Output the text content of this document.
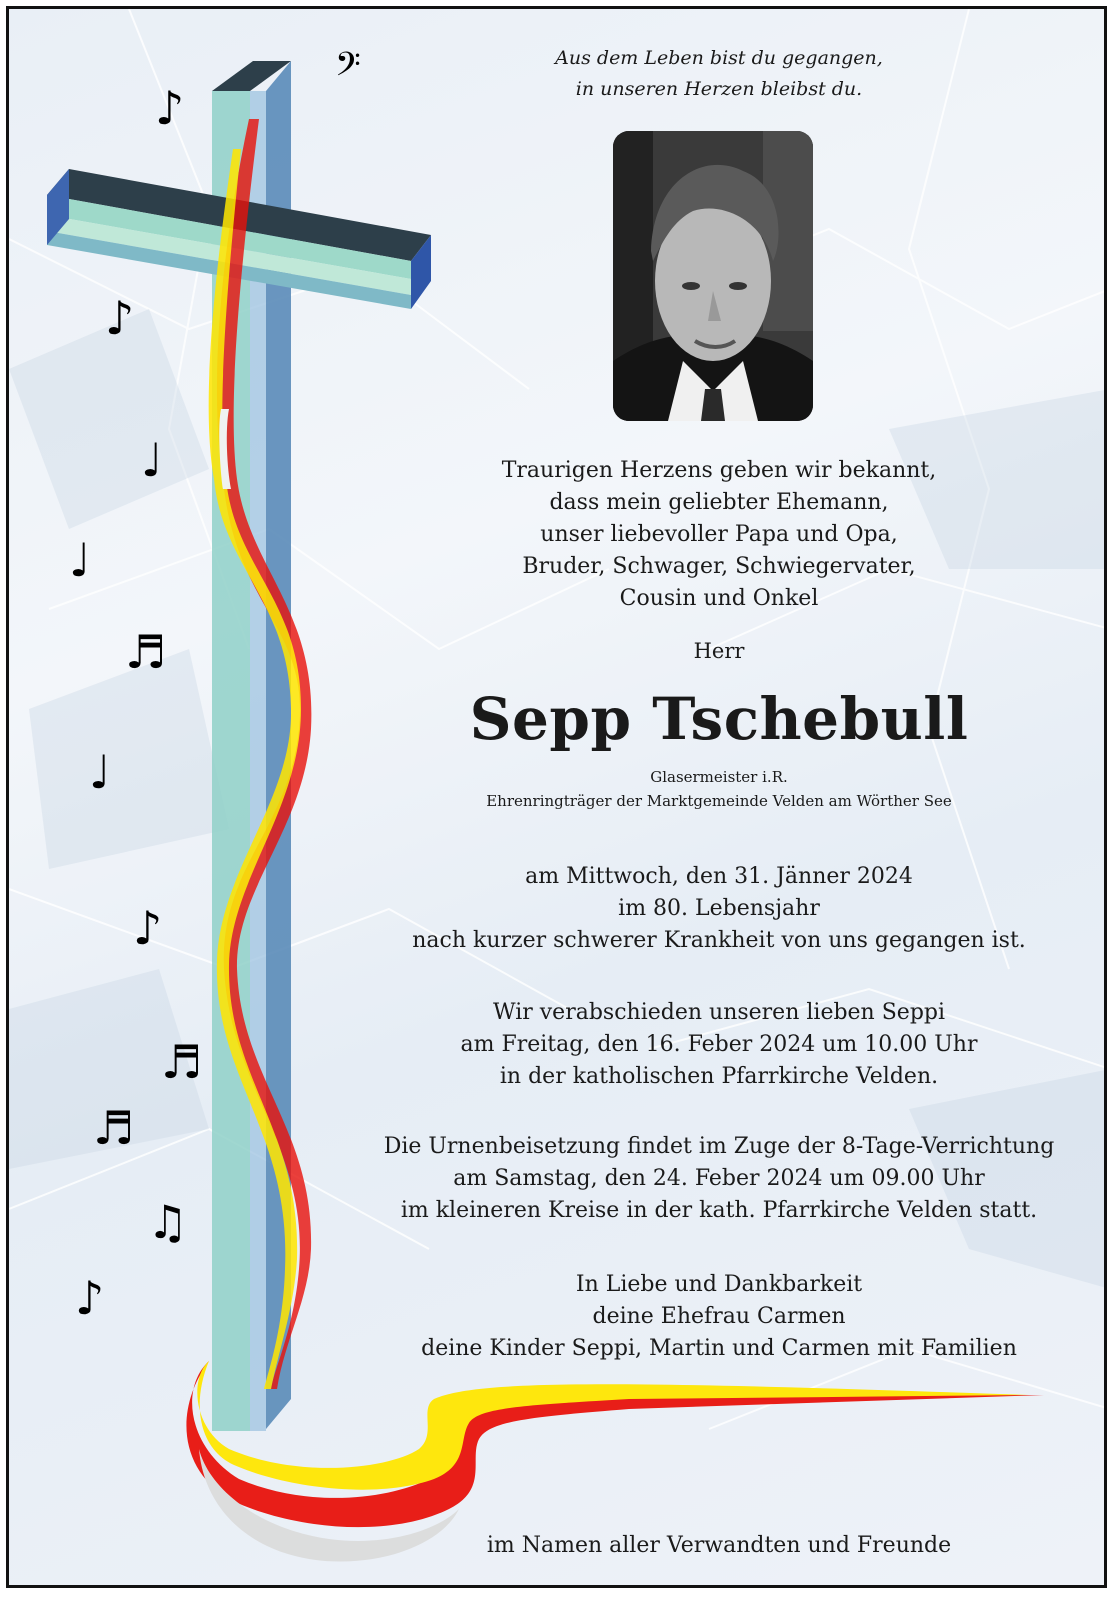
𝄢
♪
♪
♩
♩
♬
♩
♪
♬
♬
♫
♪
Aus dem Leben bist du gegangen,
in unseren Herzen bleibst du.
Traurigen Herzens geben wir bekannt,
dass mein geliebter Ehemann,
unser liebevoller Papa und Opa,
Bruder, Schwager, Schwiegervater,
Cousin und Onkel
Herr
Sepp Tschebull
Glasermeister i.R.
Ehrenringträger der Marktgemeinde Velden am Wörther See
am Mittwoch, den 31. Jänner 2024
im 80. Lebensjahr
nach kurzer schwerer Krankheit von uns gegangen ist.
Wir verabschieden unseren lieben Seppi
am Freitag, den 16. Feber 2024 um 10.00 Uhr
in der katholischen Pfarrkirche Velden.
Die Urnenbeisetzung findet im Zuge der 8-Tage-Verrichtung
am Samstag, den 24. Feber 2024 um 09.00 Uhr
im kleineren Kreise in der kath. Pfarrkirche Velden statt.
In Liebe und Dankbarkeit
deine Ehefrau Carmen
deine Kinder Seppi, Martin und Carmen mit Familien
im Namen aller Verwandten und Freunde
